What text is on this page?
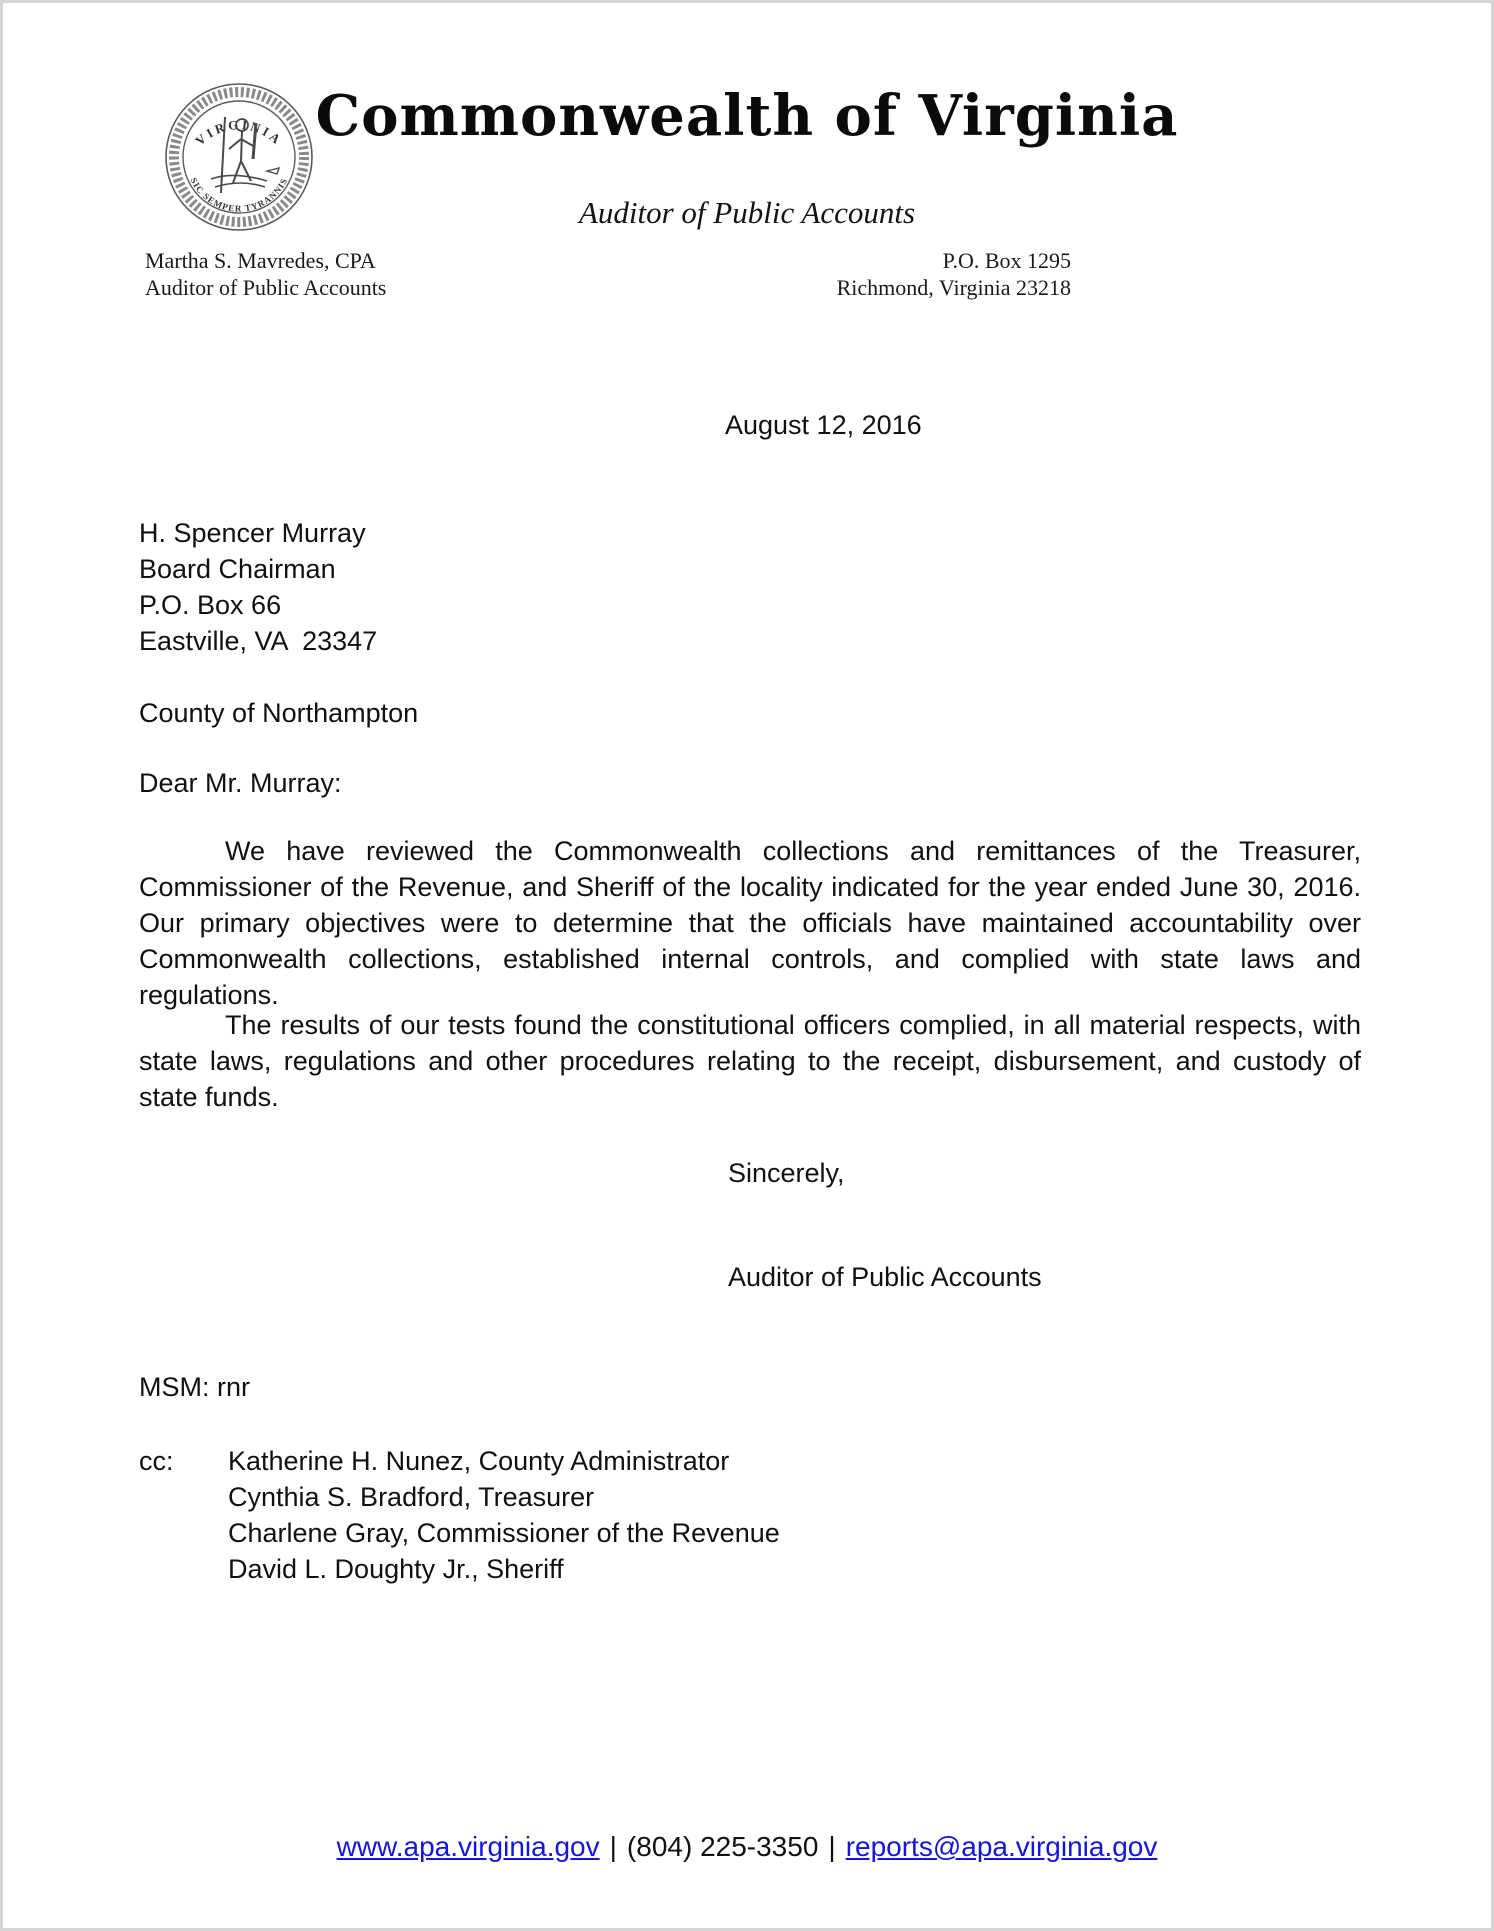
VIRGINIA
SIC SEMPER TYRANNIS
Commonwealth of Virginia
Auditor of Public Accounts
Martha S. Mavredes, CPA
Auditor of Public Accounts
P.O. Box 1295
Richmond, Virginia 23218
August 12, 2016
H. Spencer Murray
Board Chairman
P.O. Box 66
Eastville, VA  23347
County of Northampton
Dear Mr. Murray:

We have reviewed the Commonwealth collections and remittances of the Treasurer, Commissioner of the Revenue, and Sheriff of the locality indicated for the year ended June 30, 2016. Our primary objectives were to determine that the officials have maintained accountability over Commonwealth collections, established internal controls, and complied with state laws and regulations.

The results of our tests found the constitutional officers complied, in all material respects, with state laws, regulations and other procedures relating to the receipt, disbursement, and custody of state funds.

Sincerely,
Auditor of Public Accounts
MSM: rnr
cc: Katherine H. Nunez, County Administrator
Cynthia S. Bradford, Treasurer
Charlene Gray, Commissioner of the Revenue
David L. Doughty Jr., Sheriff
www.apa.virginia.gov | (804) 225-3350 | reports@apa.virginia.gov
